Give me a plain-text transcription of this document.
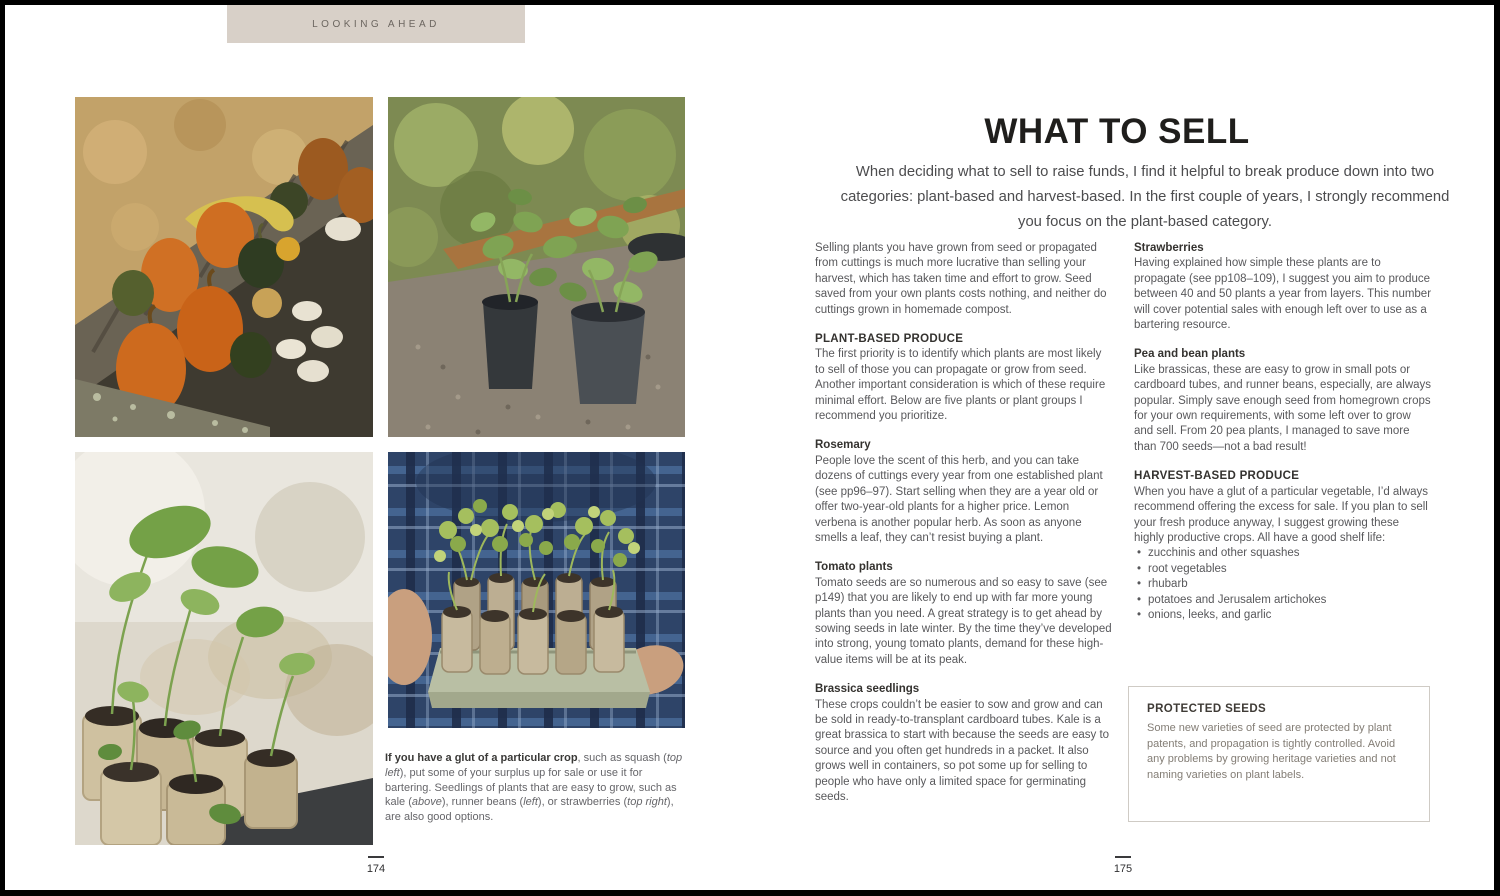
LOOKING AHEAD

If you have a glut of a particular crop, such as squash (top left), put some of your surplus up for sale or use it for bartering. Seedlings of plants that are easy to grow, such as kale (above), runner beans (left), or strawberries (top right), are also good options.

174
WHAT TO SELL

When deciding what to sell to raise funds, I find it helpful to break produce down into two categories: plant-based and harvest-based. In the first couple of years, I strongly recommend you focus on the plant-based category.

Selling plants you have grown from seed or propagated from cuttings is much more lucrative than selling your harvest, which has taken time and effort to grow. Seed saved from your own plants costs nothing, and neither do cuttings grown in homemade compost.

PLANT-BASED PRODUCE

The first priority is to identify which plants are most likely to sell of those you can propagate or grow from seed. Another important consideration is which of these require minimal effort. Below are five plants or plant groups I recommend you prioritize.

Rosemary

People love the scent of this herb, and you can take dozens of cuttings every year from one established plant (see pp96–97). Start selling when they are a year old or offer two-year-old plants for a higher price. Lemon verbena is another popular herb. As soon as anyone smells a leaf, they can’t resist buying a plant.

Tomato plants

Tomato seeds are so numerous and so easy to save (see p149) that you are likely to end up with far more young plants than you need. A great strategy is to get ahead by sowing seeds in late winter. By the time they’ve developed into strong, young tomato plants, demand for these high-value items will be at its peak.

Brassica seedlings

These crops couldn’t be easier to sow and grow and can be sold in ready-to-transplant cardboard tubes. Kale is a great brassica to start with because the seeds are easy to source and you often get hundreds in a packet. It also grows well in containers, so pot some up for selling to people who have only a limited space for germinating seeds.

Strawberries

Having explained how simple these plants are to propagate (see pp108–109), I suggest you aim to produce between 40 and 50 plants a year from layers. This number will cover potential sales with enough left over to use as a bartering resource.

Pea and bean plants

Like brassicas, these are easy to grow in small pots or cardboard tubes, and runner beans, especially, are always popular. Simply save enough seed from homegrown crops for your own requirements, with some left over to grow and sell. From 20 pea plants, I managed to save more than 700 seeds—not a bad result!

HARVEST-BASED PRODUCE

When you have a glut of a particular vegetable, I’d always recommend offering the excess for sale. If you plan to sell your fresh produce anyway, I suggest growing these highly productive crops. All have a good shelf life:

• zucchinis and other squashes
• root vegetables
• rhubarb
• potatoes and Jerusalem artichokes
• onions, leeks, and garlic
PROTECTED SEEDS

Some new varieties of seed are protected by plant patents, and propagation is tightly controlled. Avoid any problems by growing heritage varieties and not naming varieties on plant labels.

175
